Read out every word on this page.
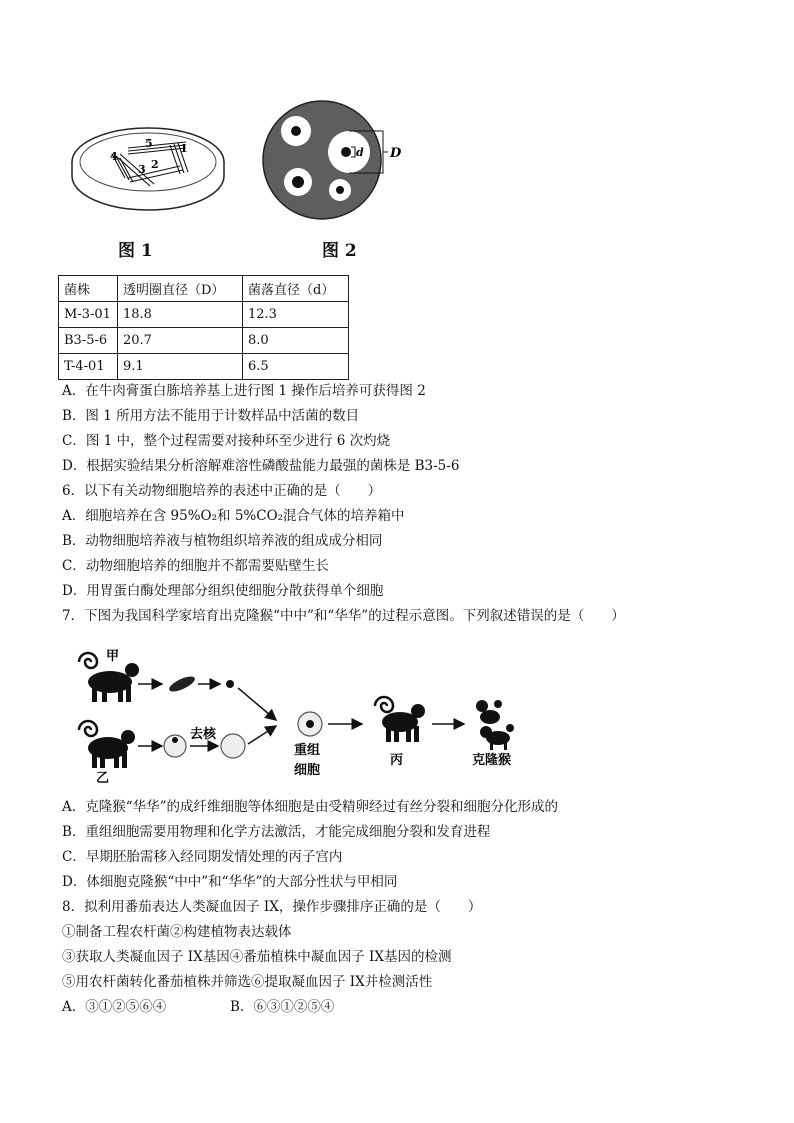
1
2
3
4
5
图 1
d D
图 2
菌株	透明圈直径（D）	菌落直径（d）
M-3-01	18.8	12.3
B3-5-6	20.7	8.0
T-4-01	9.1	6.5
A．在牛肉膏蛋白胨培养基上进行图 1 操作后培养可获得图 2
B．图 1 所用方法不能用于计数样品中活菌的数目
C．图 1 中，整个过程需要对接种环至少进行 6 次灼烧
D．根据实验结果分析溶解难溶性磷酸盐能力最强的菌株是 B3-5-6
6．以下有关动物细胞培养的表述中正确的是（　　）
A．细胞培养在含 95%O₂和 5%CO₂混合气体的培养箱中
B．动物细胞培养液与植物组织培养液的组成成分相同
C．动物细胞培养的细胞并不都需要贴壁生长
D．用胃蛋白酶处理部分组织使细胞分散获得单个细胞
7．下图为我国科学家培育出克隆猴“中中”和“华华”的过程示意图。下列叙述错误的是（　　）
甲
乙
去核
重组
细胞
丙	克隆猴
A．克隆猴“华华”的成纤维细胞等体细胞是由受精卵经过有丝分裂和细胞分化形成的
B．重组细胞需要用物理和化学方法激活，才能完成细胞分裂和发育进程
C．早期胚胎需移入经同期发情处理的丙子宫内
D．体细胞克隆猴“中中”和“华华”的大部分性状与甲相同
8．拟利用番茄表达人类凝血因子 IX，操作步骤排序正确的是（　　）
①制备工程农杆菌②构建植物表达载体
③获取人类凝血因子 IX基因④番茄植株中凝血因子 IX基因的检测
⑤用农杆菌转化番茄植株并筛选⑥提取凝血因子 IX并检测活性
A．③①②⑤⑥④	B．⑥③①②⑤④
